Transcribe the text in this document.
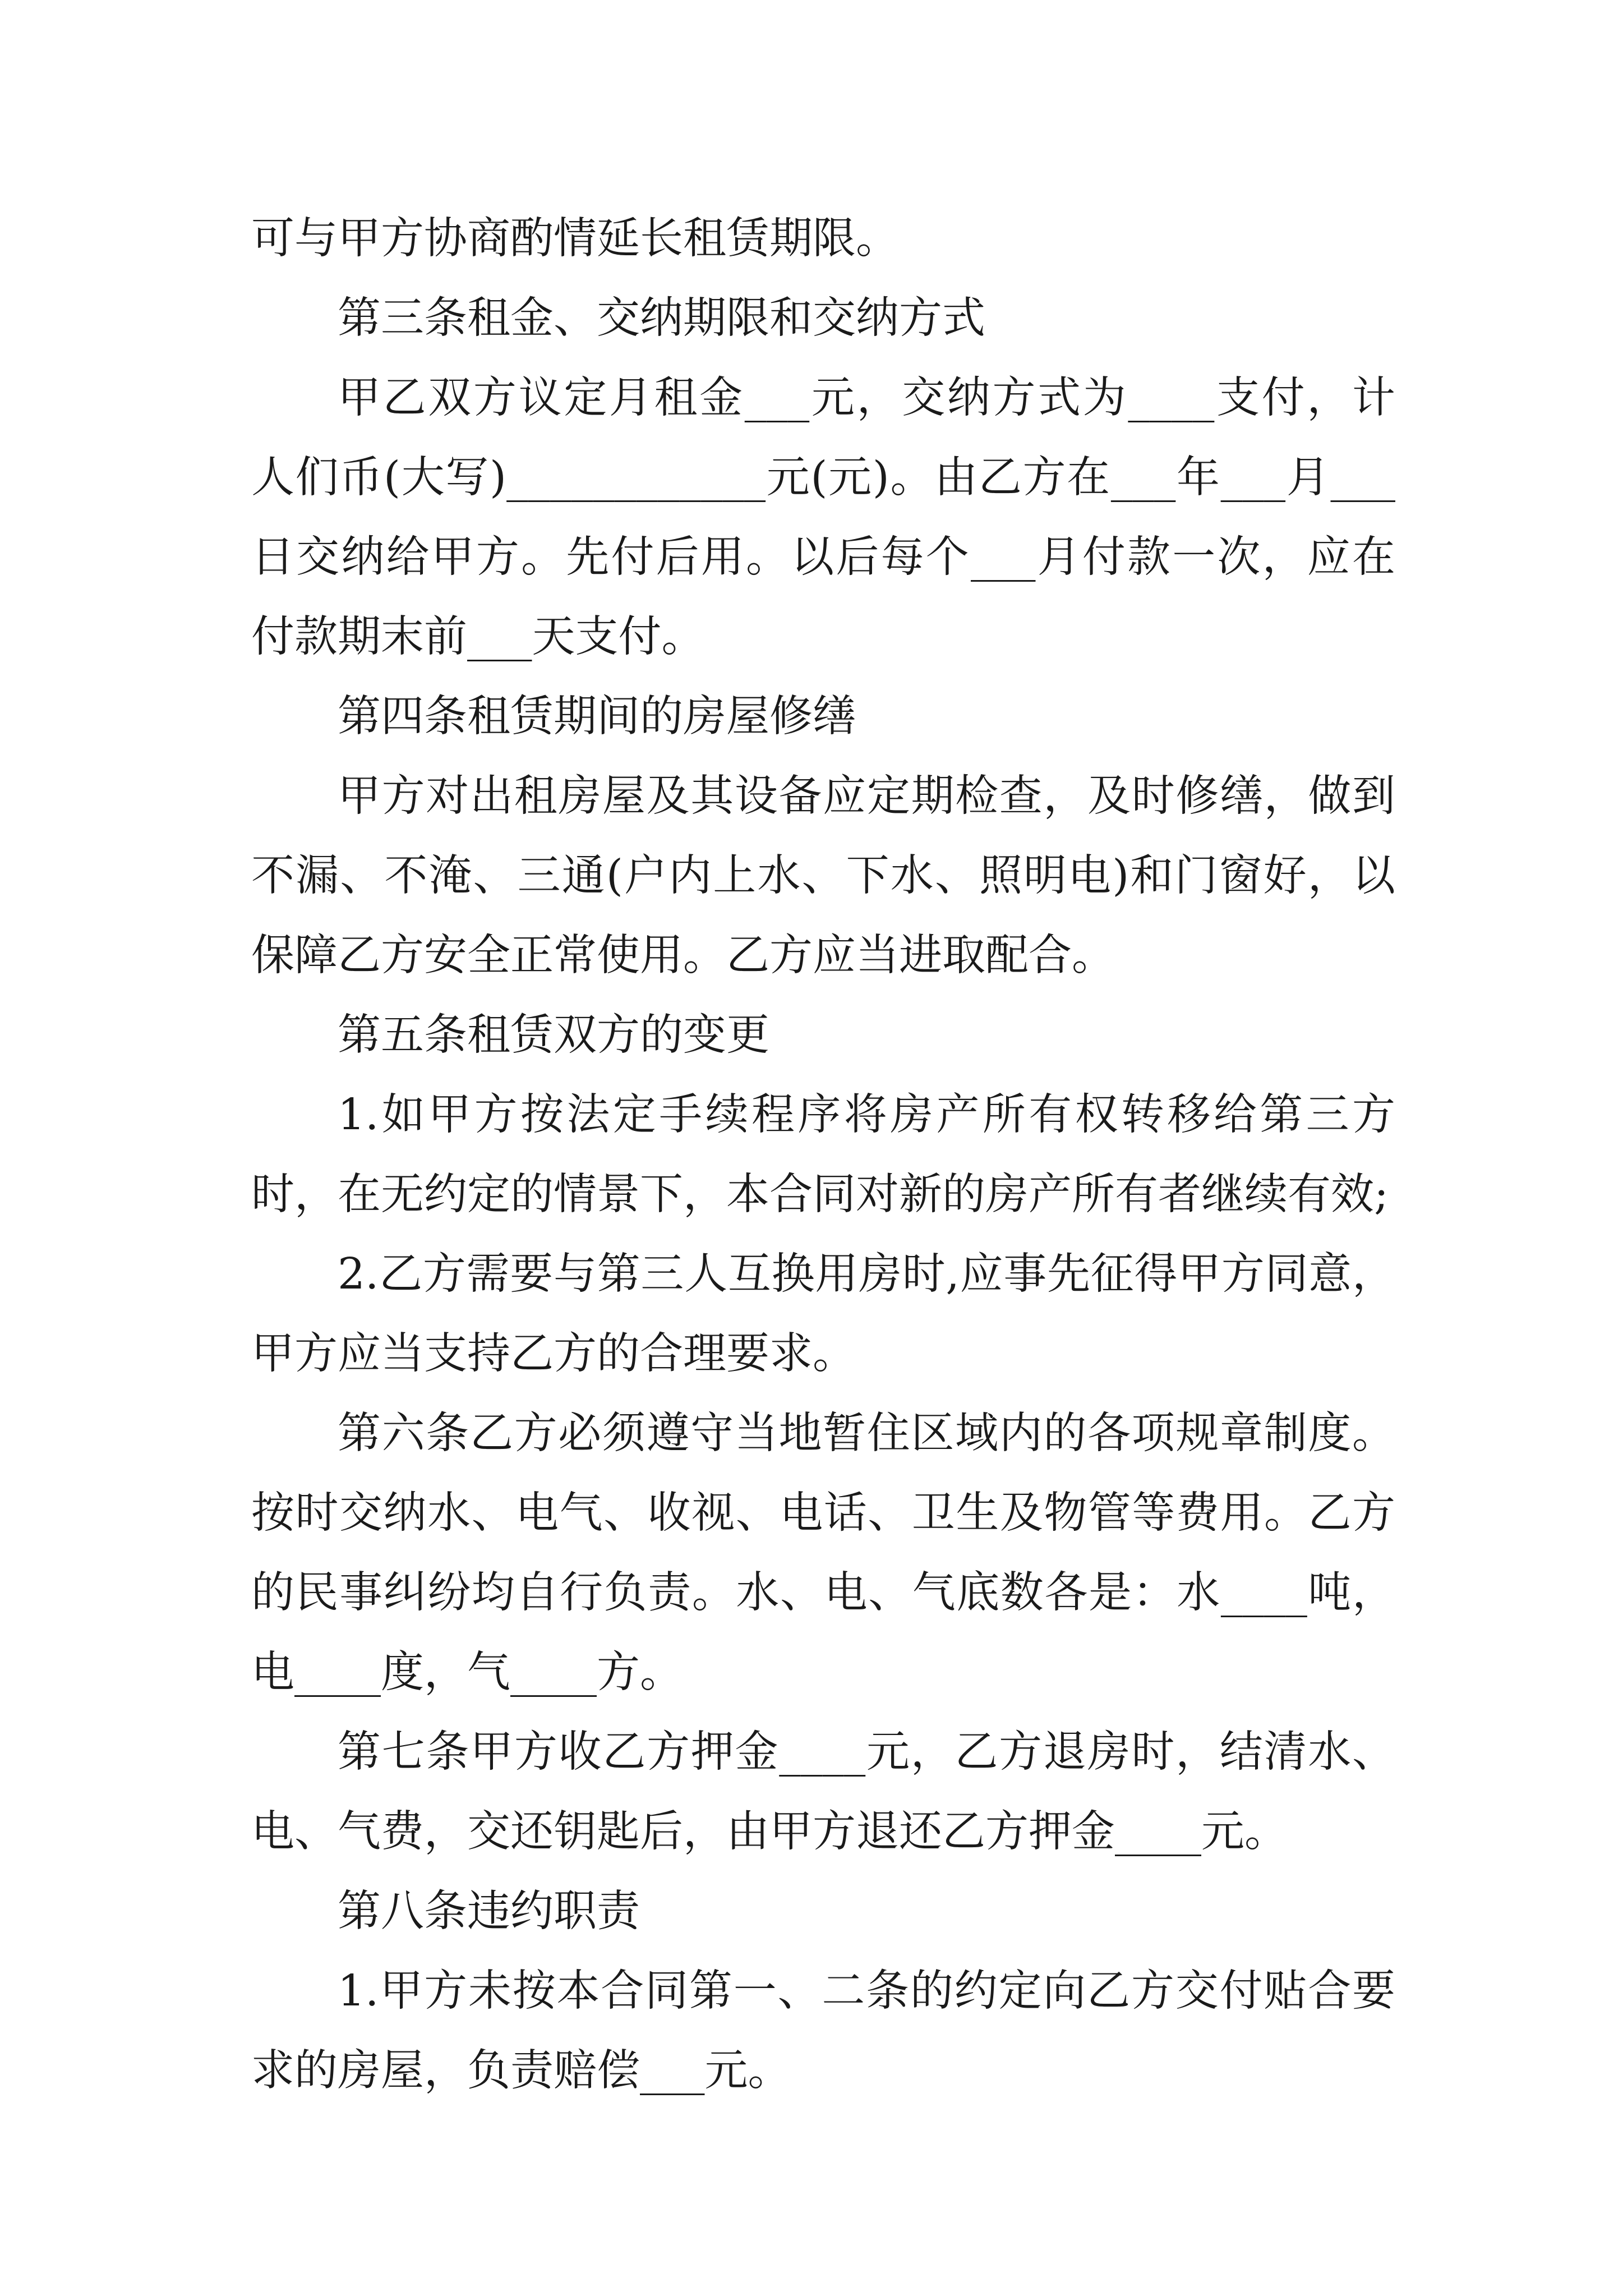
可与甲方协商酌情延长租赁期限。

第三条租金、交纳期限和交纳方式

甲乙双方议定月租金___元，交纳方式为____支付，计人们币(大写)____________元(元)。由乙方在___年___月___日交纳给甲方。先付后用。以后每个___月付款一次，应在付款期末前___天支付。

第四条租赁期间的房屋修缮

甲方对出租房屋及其设备应定期检查，及时修缮，做到不漏、不淹、三通(户内上水、下水、照明电)和门窗好，以保障乙方安全正常使用。乙方应当进取配合。

第五条租赁双方的变更

1.如甲方按法定手续程序将房产所有权转移给第三方时，在无约定的情景下，本合同对新的房产所有者继续有效;

2.乙方需要与第三人互换用房时,应事先征得甲方同意，甲方应当支持乙方的合理要求。

第六条乙方必须遵守当地暂住区域内的各项规章制度。按时交纳水、电气、收视、电话、卫生及物管等费用。乙方的民事纠纷均自行负责。水、电、气底数各是：水____吨，电____度，气____方。

第七条甲方收乙方押金____元，乙方退房时，结清水、电、气费，交还钥匙后，由甲方退还乙方押金____元。

第八条违约职责

1.甲方未按本合同第一、二条的约定向乙方交付贴合要求的房屋，负责赔偿___元。
